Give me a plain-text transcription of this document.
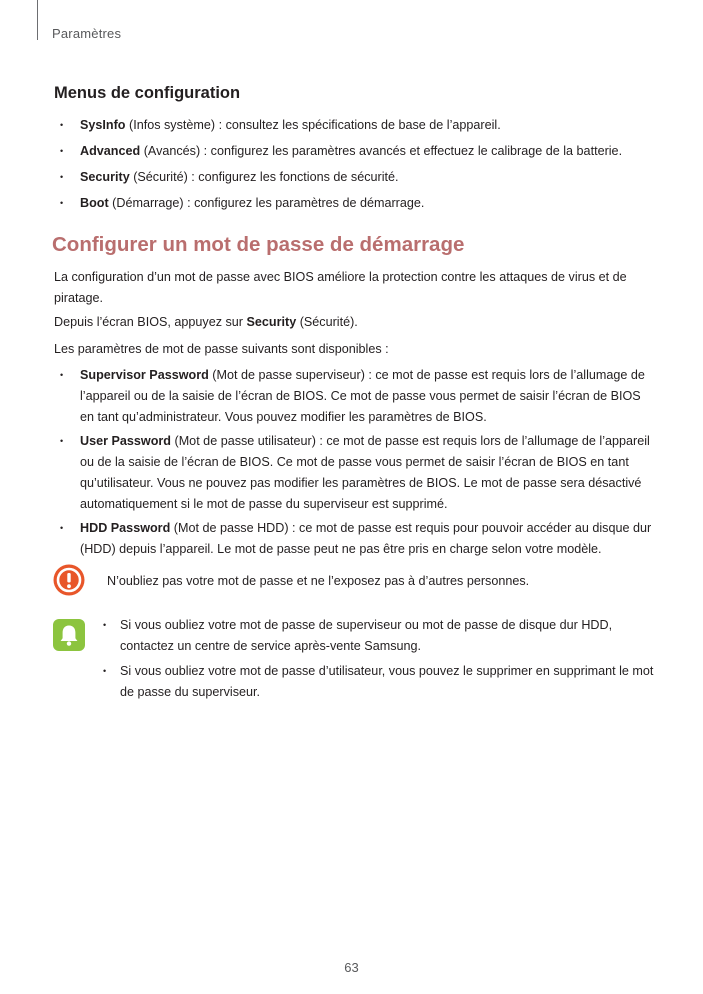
Paramètres
Menus de configuration
• SysInfo (Infos système) : consultez les spécifications de base de l’appareil.
• Advanced (Avancés) : configurez les paramètres avancés et effectuez le calibrage de la batterie.
• Security (Sécurité) : configurez les fonctions de sécurité.
• Boot (Démarrage) : configurez les paramètres de démarrage.
Configurer un mot de passe de démarrage

La configuration d’un mot de passe avec BIOS améliore la protection contre les attaques de virus et de piratage.

Depuis l’écran BIOS, appuyez sur Security (Sécurité).

Les paramètres de mot de passe suivants sont disponibles :

• Supervisor Password (Mot de passe superviseur) : ce mot de passe est requis lors de l’allumage de l’appareil ou de la saisie de l’écran de BIOS. Ce mot de passe vous permet de saisir l’écran de BIOS en tant qu’administrateur. Vous pouvez modifier les paramètres de BIOS.
• User Password (Mot de passe utilisateur) : ce mot de passe est requis lors de l’allumage de l’appareil ou de la saisie de l’écran de BIOS. Ce mot de passe vous permet de saisir l’écran de BIOS en tant qu’utilisateur. Vous ne pouvez pas modifier les paramètres de BIOS. Le mot de passe sera désactivé automatiquement si le mot de passe du superviseur est supprimé.
• HDD Password (Mot de passe HDD) : ce mot de passe est requis pour pouvoir accéder au disque dur (HDD) depuis l’appareil. Le mot de passe peut ne pas être pris en charge selon votre modèle.
N’oubliez pas votre mot de passe et ne l’exposez pas à d’autres personnes.
• Si vous oubliez votre mot de passe de superviseur ou mot de passe de disque dur HDD, contactez un centre de service après-vente Samsung.
• Si vous oubliez votre mot de passe d’utilisateur, vous pouvez le supprimer en supprimant le mot de passe du superviseur.
63
